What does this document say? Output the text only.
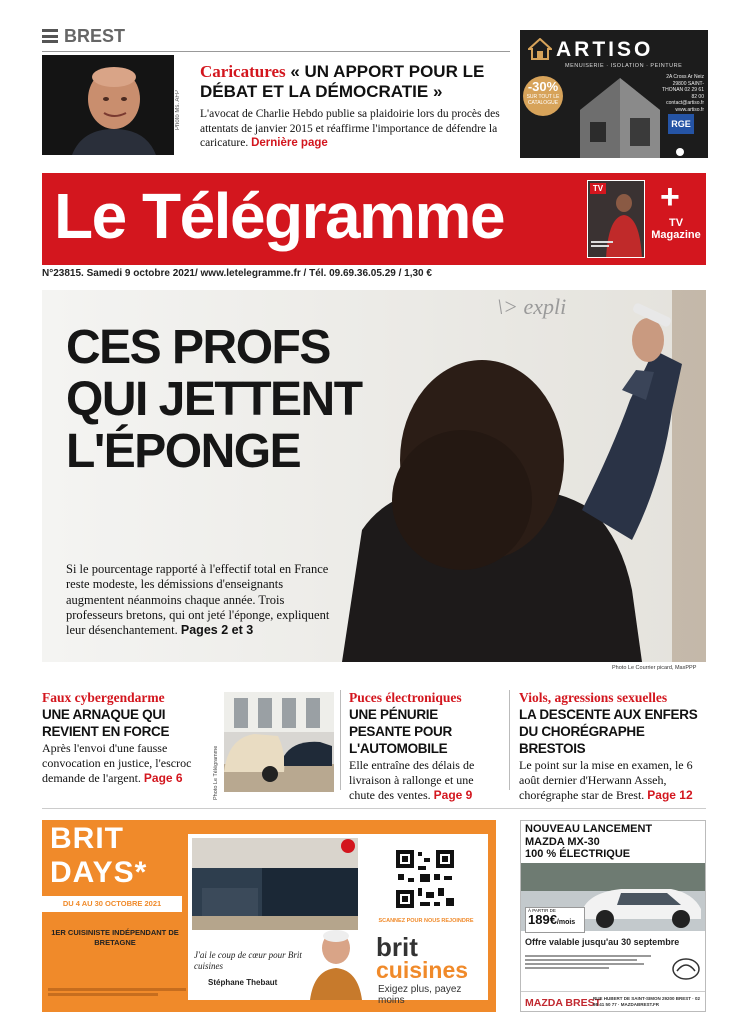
BREST
Photo Ms. AFP
Caricatures « UN APPORT POUR LE DÉBAT ET LA DÉMOCRATIE »
L'avocat de Charlie Hebdo publie sa plaidoirie lors du procès des attentats de janvier 2015 et réaffirme l'importance de défendre la caricature. Dernière page
ARTISO
MENUISERIE · ISOLATION · PEINTURE
-30%
SUR TOUT LE CATALOGUE
2A Cross Ar Neiz 29800 SAINT-THONAN 02 29 61 82 00 contact@artiso.fr www.artiso.fr
RGE

Le Télégramme	TV +
TV
Magazine
N°23815. Samedi 9 octobre 2021/ www.letelegramme.fr / Tél. 09.69.36.05.29 / 1,30 €
\> expli
CES PROFS
QUI JETTENT
L'ÉPONGE
Si le pourcentage rapporté à l'effectif total en France reste modeste, les démissions d'enseignants augmentent néanmoins chaque année. Trois professeurs bretons, qui ont jeté l'éponge, expliquent leur désenchantement. Pages 2 et 3
Photo Le Courrier picard, MaxPPP
Faux cybergendarme
UNE ARNAQUE QUI REVIENT EN FORCE
Après l'envoi d'une fausse convocation en justice, l'escroc demande de l'argent. Page 6	Photo Le Télégramme
Puces électroniques
UNE PÉNURIE PESANTE POUR L'AUTOMOBILE
Elle entraîne des délais de livraison à rallonge et une chute des ventes. Page 9
Viols, agressions sexuelles
LA DESCENTE AUX ENFERS DU CHORÉGRAPHE BRESTOIS
Le point sur la mise en examen, le 6 août dernier d'Herwann Asseh, chorégraphe star de Brest. Page 12
BRIT
DAYS*
DU 4 AU 30 OCTOBRE 2021
1ER CUISINISTE INDÉPENDANT DE BRETAGNE
J'ai le coup de cœur pour Brit cuisines
Stéphane Thebaut
SCANNEZ POUR NOUS REJOINDRE
brit
cuisines
Exigez plus, payez moins
NOUVEAU LANCEMENT
MAZDA MX-30
100 % ÉLECTRIQUE
À PARTIR DE
189€/mois
Offre valable jusqu'au 30 septembre
MAZDA BREST
RUE HUBERT DE SAINT-SIMON 29200 BREST · 02 98 41 50 77 · MAZDABREST.FR
